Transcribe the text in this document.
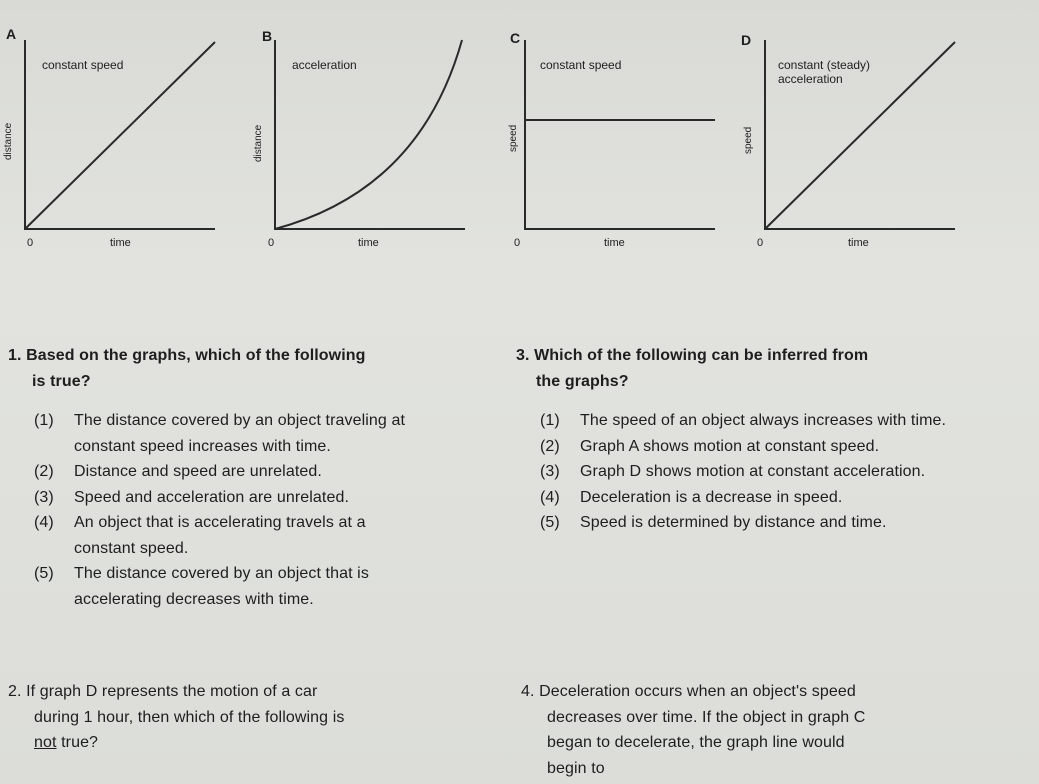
A
constant speed
distance
0	time
B
acceleration
distance
0	time
C
constant speed
speed
0	time
D
constant (steady)
acceleration
speed
0	time
1. Based on the graphs, which of the following
is true?
(1) The distance covered by an object traveling at constant speed increases with time.
(2) Distance and speed are unrelated.
(3) Speed and acceleration are unrelated.
(4) An object that is accelerating travels at a constant speed.
(5) The distance covered by an object that is accelerating decreases with time.
2. If graph D represents the motion of a car
during 1 hour, then which of the following is
not true?
3. Which of the following can be inferred from
the graphs?
(1) The speed of an object always increases with time.
(2) Graph A shows motion at constant speed.
(3) Graph D shows motion at constant acceleration.
(4) Deceleration is a decrease in speed.
(5) Speed is determined by distance and time.
4. Deceleration occurs when an object's speed
decreases over time. If the object in graph C
began to decelerate, the graph line would
begin to
